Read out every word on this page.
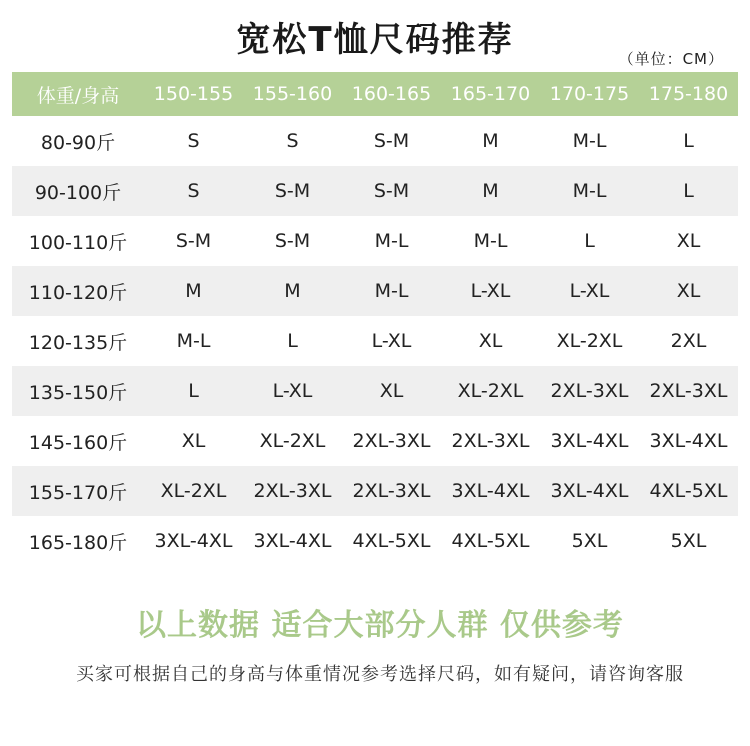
宽松T恤尺码推荐	（单位：CM）
体重/身高	150-155	155-160	160-165	165-170	170-175	175-180
80-90斤	S	S	S-M	M	M-L	L
90-100斤	S	S-M	S-M	M	M-L	L
100-110斤	S-M	S-M	M-L	M-L	L	XL
110-120斤	M	M	M-L	L-XL	L-XL	XL
120-135斤	M-L	L	L-XL	XL	XL-2XL	2XL
135-150斤	L	L-XL	XL	XL-2XL	2XL-3XL	2XL-3XL
145-160斤	XL	XL-2XL	2XL-3XL	2XL-3XL	3XL-4XL	3XL-4XL
155-170斤	XL-2XL	2XL-3XL	2XL-3XL	3XL-4XL	3XL-4XL	4XL-5XL
165-180斤	3XL-4XL	3XL-4XL	4XL-5XL	4XL-5XL	5XL	5XL
以上数据 适合大部分人群 仅供参考
买家可根据自己的身高与体重情况参考选择尺码，如有疑问，请咨询客服
